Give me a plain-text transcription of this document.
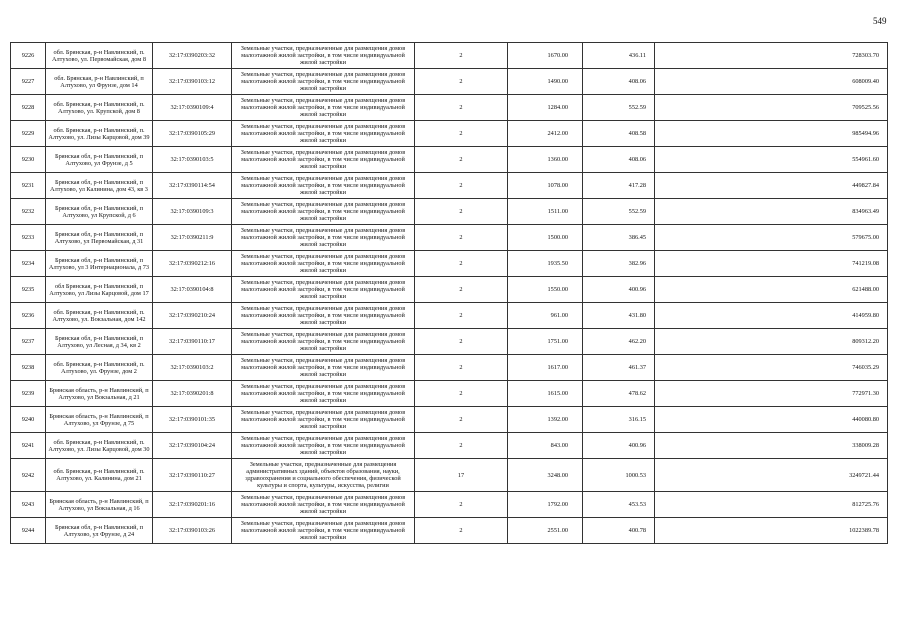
549
9226	обл. Брянская, р-н Навлинский, п. Алтухово, ул. Первомайская, дом 8	32:17:0390203:32	Земельные участки, предназначенные для размещения домов малоэтажной жилой застройки, в том числе индивидуальной жилой застройки	2	1670.00	436.11	728303.70
9227	обл. Брянская, р-н Навлинский, п Алтухово, ул Фрунзе, дом 14	32:17:0390103:12	Земельные участки, предназначенные для размещения домов малоэтажной жилой застройки, в том числе индивидуальной жилой застройки	2	1490.00	408.06	608009.40
9228	обл. Брянская, р-н Навлинский, п. Алтухово, ул. Крупской, дом 8	32:17:0390109:4	Земельные участки, предназначенные для размещения домов малоэтажной жилой застройки, в том числе индивидуальной жилой застройки	2	1284.00	552.59	709525.56
9229	обл. Брянская, р-н Навлинский, п. Алтухово, ул. Лизы Карцовой, дом 39	32:17:0390105:29	Земельные участки, предназначенные для размещения домов малоэтажной жилой застройки, в том числе индивидуальной жилой застройки	2	2412.00	408.58	985494.96
9230	Брянская обл, р-н Навлинский, п Алтухово, ул Фрунзе, д 5	32:17:0390103:5	Земельные участки, предназначенные для размещения домов малоэтажной жилой застройки, в том числе индивидуальной жилой застройки	2	1360.00	408.06	554961.60
9231	Брянская обл, р-н Навлинский, п Алтухово, ул Калинина, дом 43, кв 3	32:17:0390114:54	Земельные участки, предназначенные для размещения домов малоэтажной жилой застройки, в том числе индивидуальной жилой застройки	2	1078.00	417.28	449827.84
9232	Брянская обл, р-н Навлинский, п Алтухово, ул Крупской, д 6	32:17:0390109:3	Земельные участки, предназначенные для размещения домов малоэтажной жилой застройки, в том числе индивидуальной жилой застройки	2	1511.00	552.59	834963.49
9233	Брянская обл, р-н Навлинский, п Алтухово, ул Первомайская, д 31	32:17:0390211:9	Земельные участки, предназначенные для размещения домов малоэтажной жилой застройки, в том числе индивидуальной жилой застройки	2	1500.00	386.45	579675.00
9234	Брянская обл, р-н Навлинский, п Алтухово, ул 3 Интернационала, д 73	32:17:0390212:16	Земельные участки, предназначенные для размещения домов малоэтажной жилой застройки, в том числе индивидуальной жилой застройки	2	1935.50	382.96	741219.08
9235	обл Брянская, р-н Навлинский, п Алтухово, ул Лизы Карцовой, дом 17	32:17:0390104:8	Земельные участки, предназначенные для размещения домов малоэтажной жилой застройки, в том числе индивидуальной жилой застройки	2	1550.00	400.96	621488.00
9236	обл. Брянская, р-н Навлинский, п. Алтухово, ул. Вокзальная, дом 142	32:17:0390210:24	Земельные участки, предназначенные для размещения домов малоэтажной жилой застройки, в том числе индивидуальной жилой застройки	2	961.00	431.80	414959.80
9237	Брянская обл, р-н Навлинский, п Алтухово, ул Лесная, д 34, кв 2	32:17:0390110:17	Земельные участки, предназначенные для размещения домов малоэтажной жилой застройки, в том числе индивидуальной жилой застройки	2	1751.00	462.20	809312.20
9238	обл. Брянская, р-н Навлинский, п. Алтухово, ул. Фрунзе, дом 2	32:17:0390103:2	Земельные участки, предназначенные для размещения домов малоэтажной жилой застройки, в том числе индивидуальной жилой застройки	2	1617.00	461.37	746035.29
9239	Брянская область, р-н Навлинский, п Алтухово, ул Вокзальная, д 21	32:17:0390201:8	Земельные участки, предназначенные для размещения домов малоэтажной жилой застройки, в том числе индивидуальной жилой застройки	2	1615.00	478.62	772971.30
9240	Брянская область, р-н Навлинский, п Алтухово, ул Фрунзе, д 75	32:17:0390101:35	Земельные участки, предназначенные для размещения домов малоэтажной жилой застройки, в том числе индивидуальной жилой застройки	2	1392.00	316.15	440080.80
9241	обл. Брянская, р-н Навлинский, п. Алтухово, ул. Лизы Карцовой, дом 30	32:17:0390104:24	Земельные участки, предназначенные для размещения домов малоэтажной жилой застройки, в том числе индивидуальной жилой застройки	2	843.00	400.96	338009.28
9242	обл. Брянская, р-н Навлинский, п. Алтухово, ул. Калинина, дом 21	32:17:0390110:27	Земельные участки, предназначенные для размещения административных зданий, объектов образования, науки, здравоохранения и социального обеспечения, физической культуры и спорта, культуры, искусства, религии	17	3248.00	1000.53	3249721.44
9243	Брянская область, р-н Навлинский, п Алтухово, ул Вокзальная, д 16	32:17:0390201:16	Земельные участки, предназначенные для размещения домов малоэтажной жилой застройки, в том числе индивидуальной жилой застройки	2	1792.00	453.53	812725.76
9244	Брянская обл, р-н Навлинский, п Алтухово, ул Фрунзе, д 24	32:17:0390103:26	Земельные участки, предназначенные для размещения домов малоэтажной жилой застройки, в том числе индивидуальной жилой застройки	2	2551.00	400.78	1022389.78
